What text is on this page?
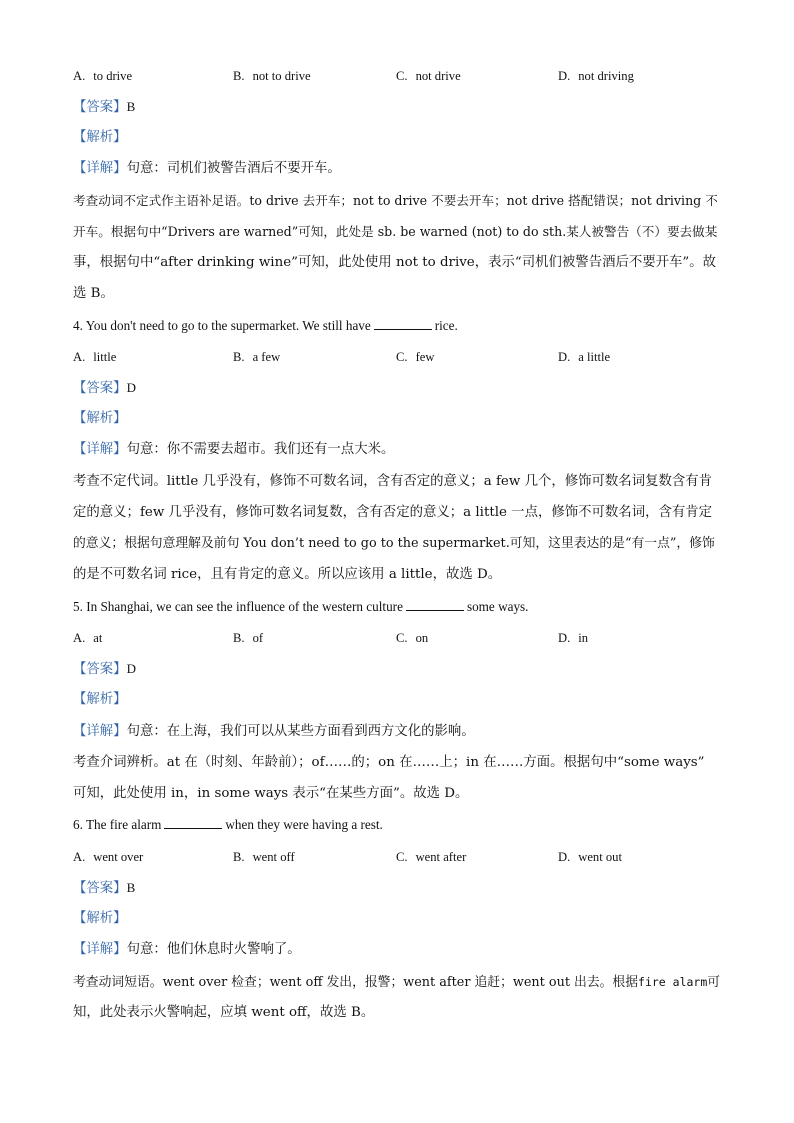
A. to drive	B. not to drive	C. not drive	D. not driving
【答案】B
【解析】
【详解】句意：司机们被警告酒后不要开车。
考查动词不定式作主语补足语。to drive 去开车；not to drive 不要去开车；not drive 搭配错误；not driving 不
开车。根据句中“Drivers are warned”可知，此处是 sb. be warned (not) to do sth.某人被警告（不）要去做某
事，根据句中“after drinking wine”可知，此处使用 not to drive，表示“司机们被警告酒后不要开车”。故
选 B。
4. You don't need to go to the supermarket. We still have	rice.
A. little	B. a few	C. few	D. a little
【答案】D
【解析】
【详解】句意：你不需要去超市。我们还有一点大米。
考查不定代词。little 几乎没有，修饰不可数名词，含有否定的意义；a few 几个，修饰可数名词复数含有肯
定的意义；few 几乎没有，修饰可数名词复数，含有否定的意义；a little 一点，修饰不可数名词，含有肯定
的意义；根据句意理解及前句 You don’t need to go to the supermarket.可知，这里表达的是“有一点”，修饰
的是不可数名词 rice，且有肯定的意义。所以应该用 a little，故选 D。
5. In Shanghai, we can see the influence of the western culture	some ways.
A. at	B. of	C. on	D. in
【答案】D
【解析】
【详解】句意：在上海，我们可以从某些方面看到西方文化的影响。
考查介词辨析。at 在（时刻、年龄前）；of……的；on 在……上；in 在……方面。根据句中“some ways”
可知，此处使用 in，in some ways 表示“在某些方面”。故选 D。
6. The fire alarm	when they were having a rest.
A. went over	B. went off	C. went after	D. went out
【答案】B
【解析】
【详解】句意：他们休息时火警响了。
考查动词短语。went over 检查；went off 发出，报警；went after 追赶；went out 出去。根据fire alarm可
知，此处表示火警响起，应填 went off，故选 B。
